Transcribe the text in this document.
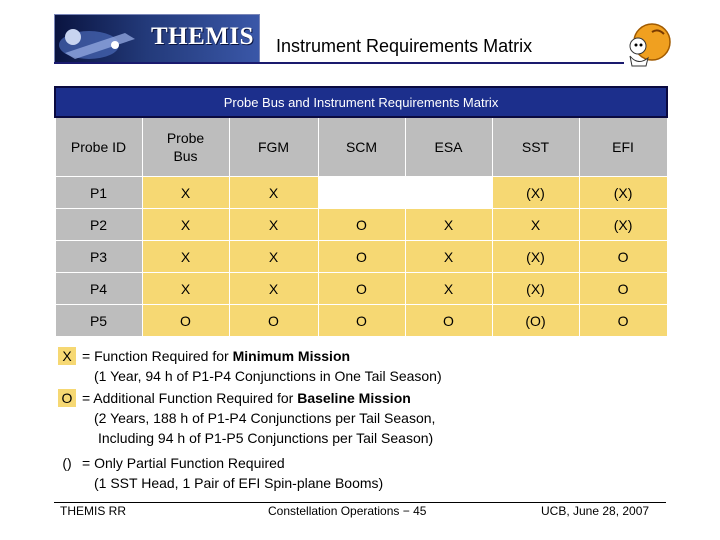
THEMIS Instrument Requirements Matrix
Probe Bus and Instrument Requirements Matrix						
Probe ID	Probe Bus	FGM	SCM	ESA	SST	EFI
P1	X	X			(X)	(X)
P2	X	X	O	X	X	(X)
P3	X	X	O	X	(X)	O
P4	X	X	O	X	(X)	O
P5	O	O	O	O	(O)	O
X = Function Required for Minimum Mission
(1 Year, 94 h of P1-P4 Conjunctions in One Tail Season)
O = Additional Function Required for Baseline Mission
(2 Years, 188 h of P1-P4 Conjunctions per Tail Season,
Including 94 h of P1-P5 Conjunctions per Tail Season)
() = Only Partial Function Required
(1 SST Head, 1 Pair of EFI Spin-plane Booms)
THEMIS RR	Constellation Operations − 45	UCB, June 28, 2007
